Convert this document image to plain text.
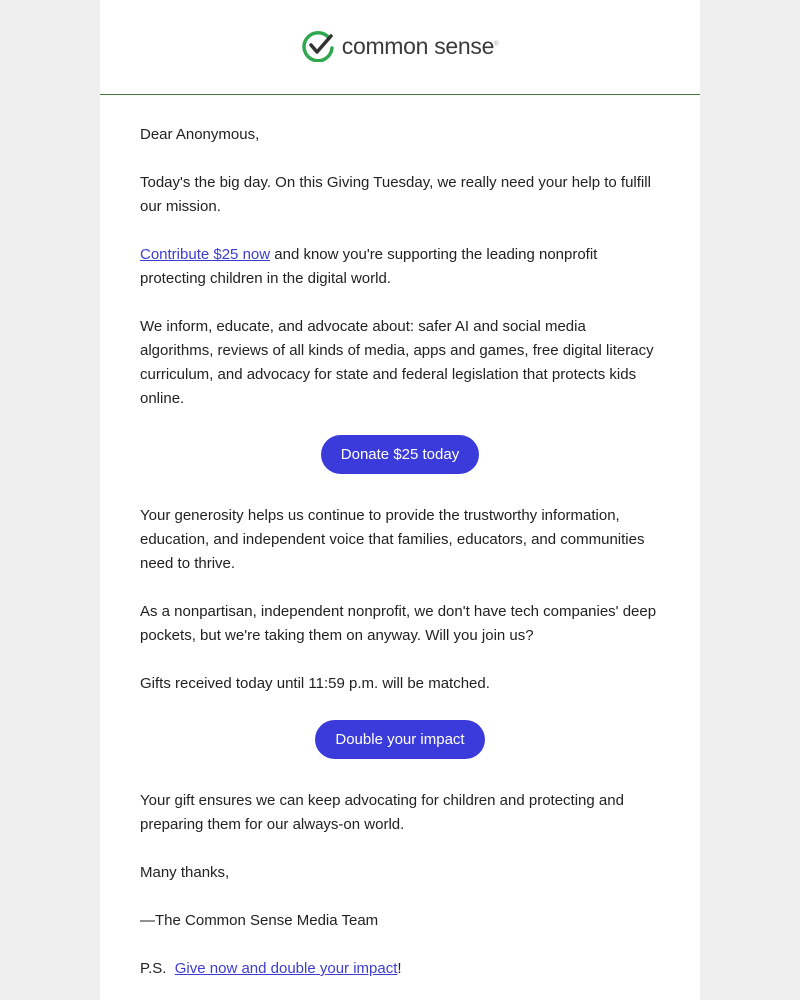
common sense®

Dear Anonymous,

Today's the big day. On this Giving Tuesday, we really need your help to fulfill our mission.

Contribute $25 now and know you're supporting the leading nonprofit protecting children in the digital world.

We inform, educate, and advocate about: safer AI and social media algorithms, reviews of all kinds of media, apps and games, free digital literacy curriculum, and advocacy for state and federal legislation that protects kids online.

Donate $25 today

Your generosity helps us continue to provide the trustworthy information, education, and independent voice that families, educators, and communities need to thrive.

As a nonpartisan, independent nonprofit, we don't have tech companies' deep pockets, but we're taking them on anyway. Will you join us?

Gifts received today until 11:59 p.m. will be matched.

Double your impact

Your gift ensures we can keep advocating for children and protecting and preparing them for our always-on world.

Many thanks,

—The Common Sense Media Team

P.S.  Give now and double your impact!
